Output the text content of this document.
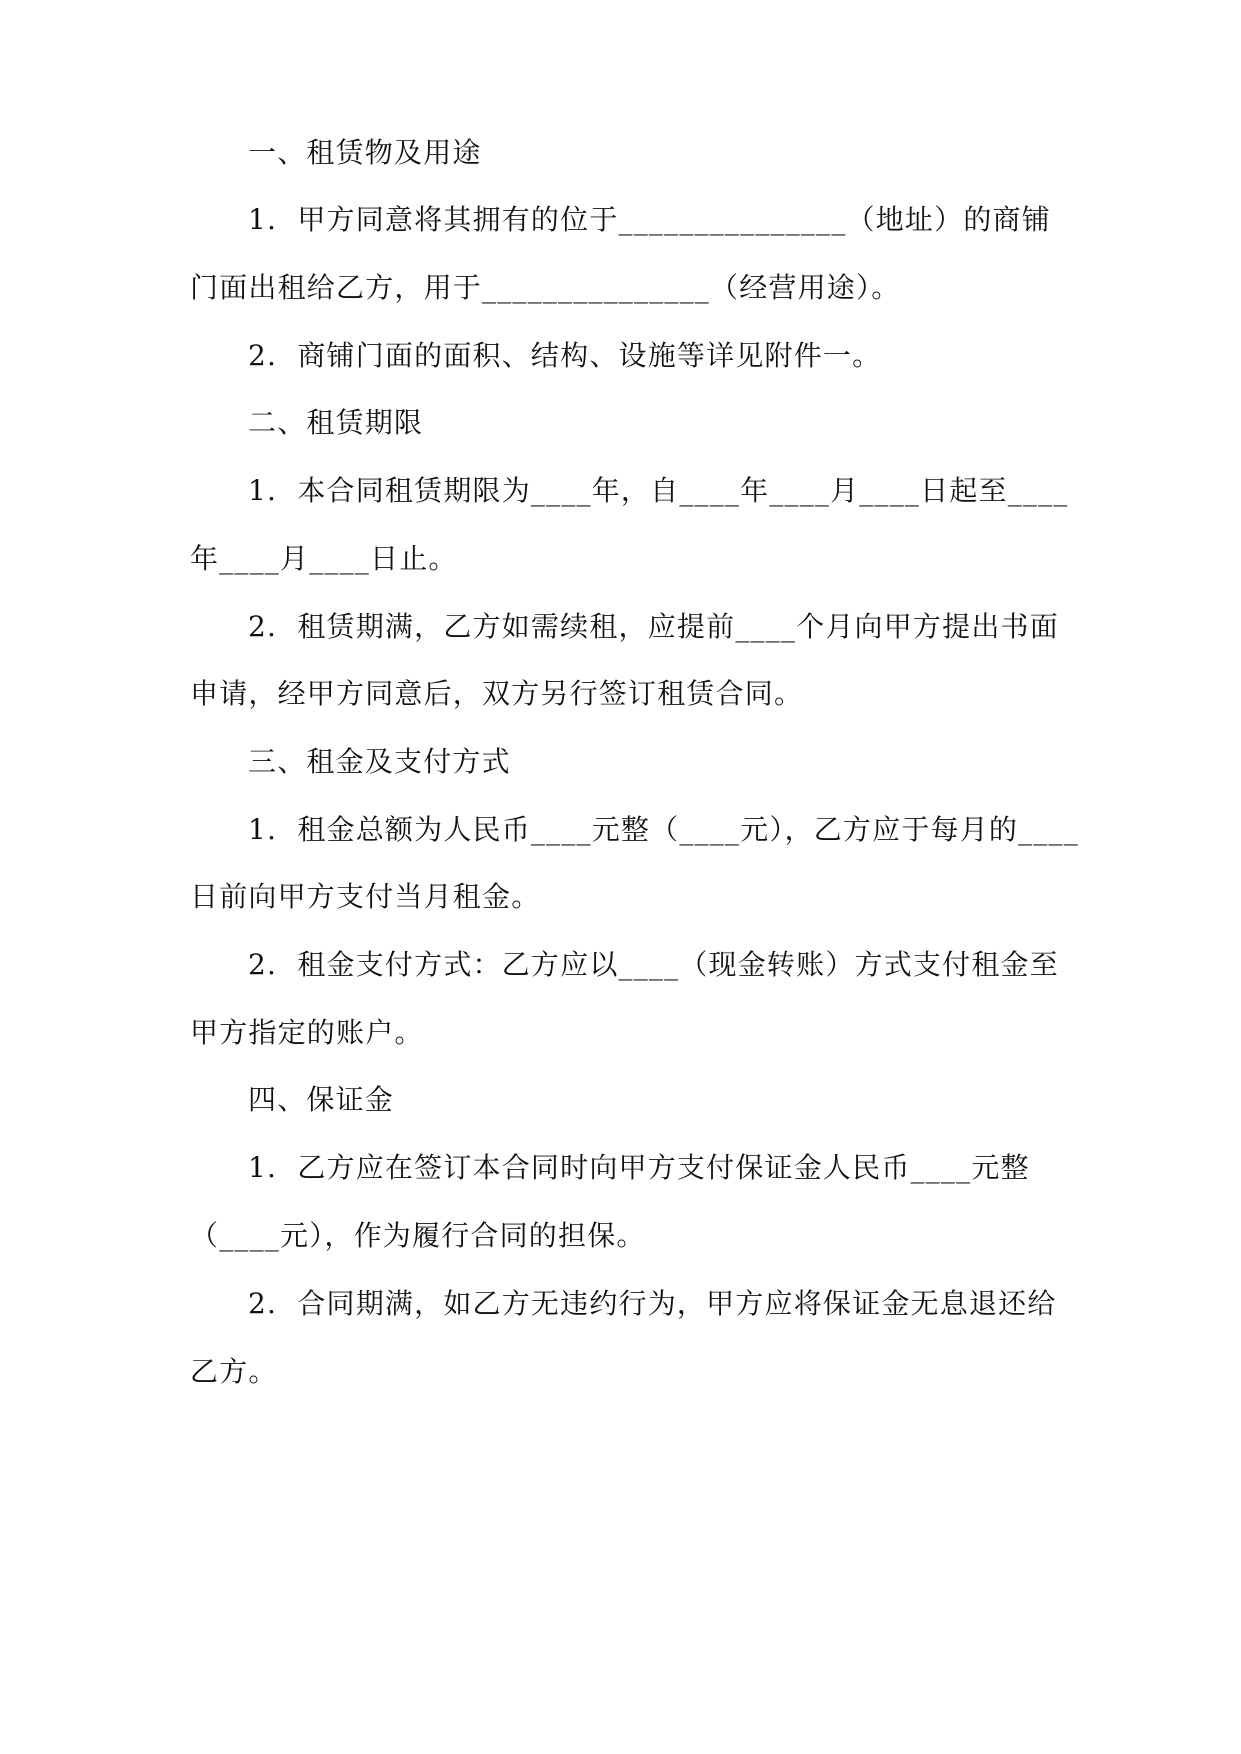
一、租赁物及用途
1.  甲方同意将其拥有的位于_______________（地址）的商铺
门面出租给乙方，用于_______________（经营用途）。
2.  商铺门面的面积、结构、设施等详见附件一。
二、租赁期限
1.  本合同租赁期限为____年，自____年____月____日起至____
年____月____日止。
2.  租赁期满，乙方如需续租，应提前____个月向甲方提出书面
申请，经甲方同意后，双方另行签订租赁合同。
三、租金及支付方式
1.  租金总额为人民币____元整（____元），乙方应于每月的____
日前向甲方支付当月租金。
2.  租金支付方式：乙方应以____（现金转账）方式支付租金至
甲方指定的账户。
四、保证金
1.  乙方应在签订本合同时向甲方支付保证金人民币____元整
（____元），作为履行合同的担保。
2.  合同期满，如乙方无违约行为，甲方应将保证金无息退还给
乙方。
